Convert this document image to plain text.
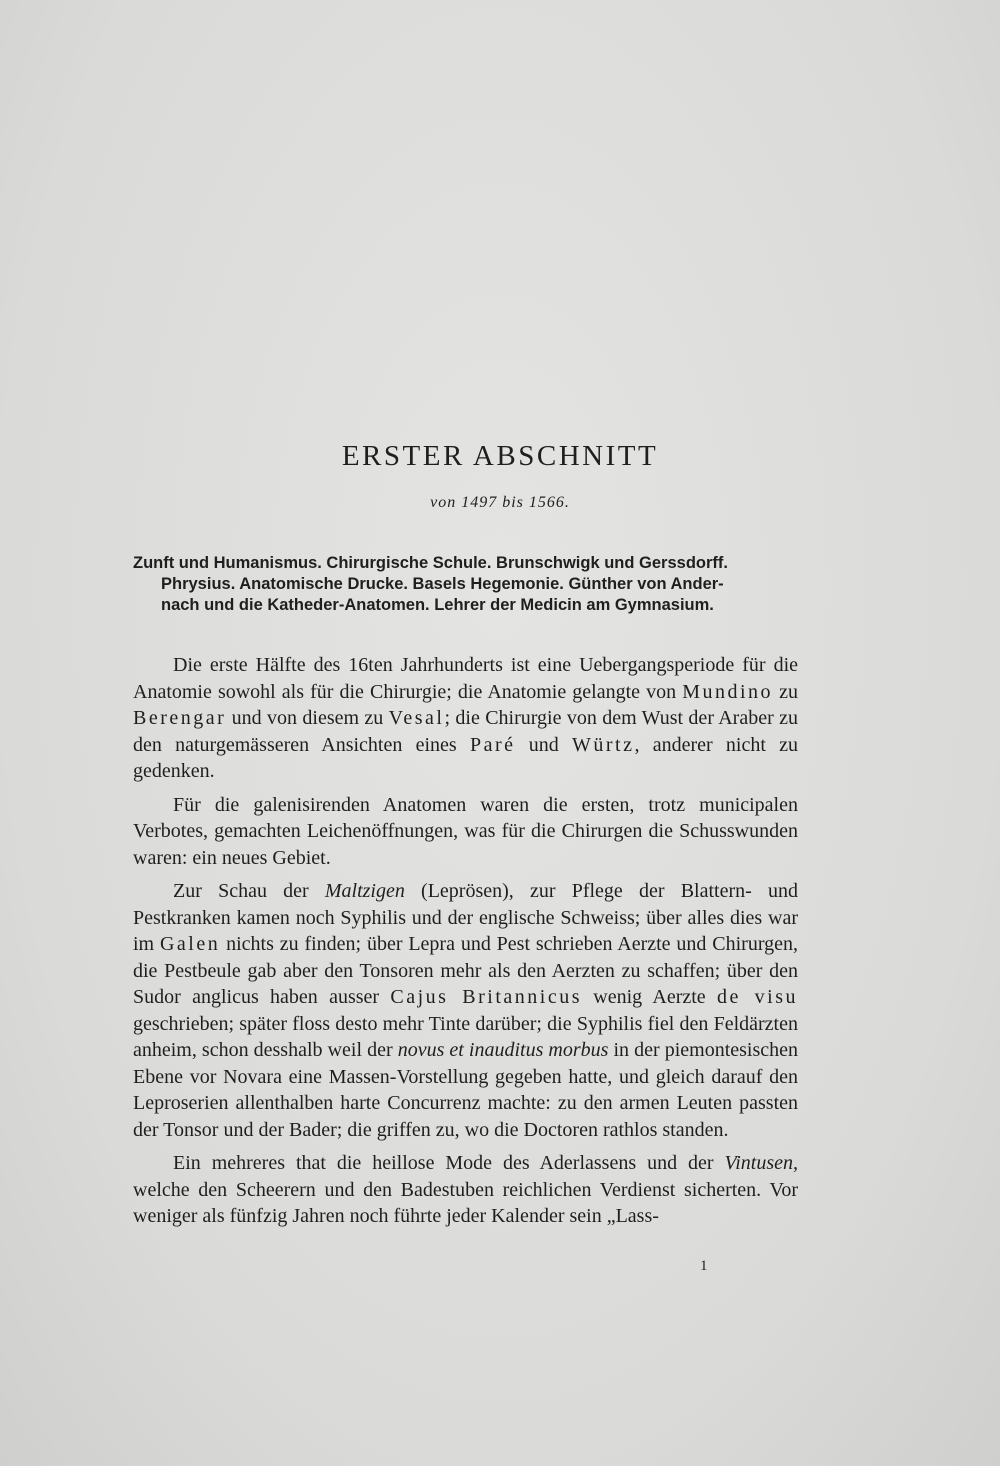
ERSTER ABSCHNITT
von 1497 bis 1566.
Zunft und Humanismus. Chirurgische Schule. Brunschwigk und Gerssdorff.
Phrysius. Anatomische Drucke. Basels Hegemonie. Günther von Ander-
nach und die Katheder-Anatomen. Lehrer der Medicin am Gymnasium.

Die erste Hälfte des 16ten Jahrhunderts ist eine Uebergangsperiode für die Anatomie sowohl als für die Chirurgie; die Anatomie gelangte von Mundino zu Berengar und von diesem zu Vesal; die Chirurgie von dem Wust der Araber zu den naturgemässeren Ansichten eines Paré und Würtz, anderer nicht zu gedenken.

Für die galenisirenden Anatomen waren die ersten, trotz municipalen Verbotes, gemachten Leichenöffnungen, was für die Chirurgen die Schusswunden waren: ein neues Gebiet.

Zur Schau der Maltzigen (Leprösen), zur Pflege der Blattern- und Pestkranken kamen noch Syphilis und der englische Schweiss; über alles dies war im Galen nichts zu finden; über Lepra und Pest schrieben Aerzte und Chirurgen, die Pestbeule gab aber den Tonsoren mehr als den Aerzten zu schaffen; über den Sudor anglicus haben ausser Cajus Britannicus wenig Aerzte de visu geschrieben; später floss desto mehr Tinte darüber; die Syphilis fiel den Feldärzten anheim, schon desshalb weil der novus et inauditus morbus in der piemontesischen Ebene vor Novara eine Massen-Vorstellung gegeben hatte, und gleich darauf den Leproserien allenthalben harte Concurrenz machte: zu den armen Leuten passten der Tonsor und der Bader; die griffen zu, wo die Doctoren rathlos standen.

Ein mehreres that die heillose Mode des Aderlassens und der Vintusen, welche den Scheerern und den Badestuben reichlichen Verdienst sicherten. Vor weniger als fünfzig Jahren noch führte jeder Kalender sein „Lass-

1
